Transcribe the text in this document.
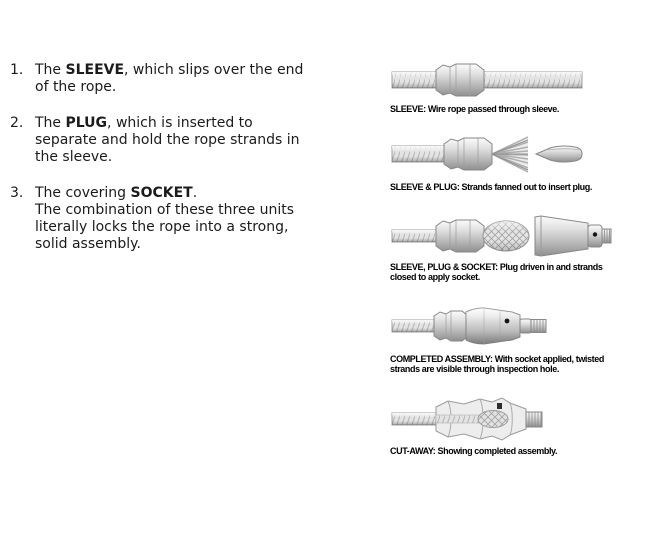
1. The SLEEVE, which slips over the end of the rope.

2. The PLUG, which is inserted to separate and hold the rope strands in the sleeve.

3. The covering SOCKET.

The combination of these three units literally locks the rope into a strong, solid assembly.

SLEEVE: Wire rope passed through sleeve.
SLEEVE & PLUG: Strands fanned out to insert plug.
SLEEVE, PLUG & SOCKET: Plug driven in and strands closed to apply socket.
COMPLETED ASSEMBLY: With socket applied, twisted strands are visible through inspection hole.
CUT-AWAY: Showing completed assembly.
